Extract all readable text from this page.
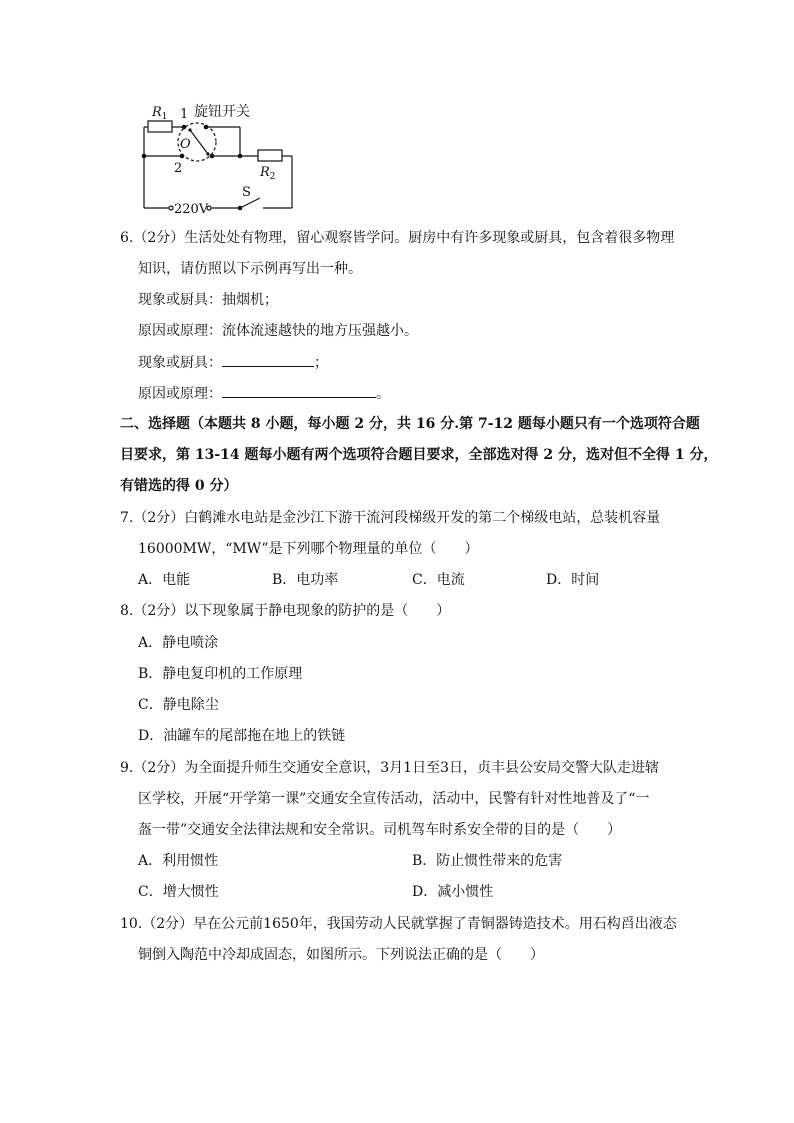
$R_1$ 1 旋钮开关
O
2	$R_2$
220V
S
6.（2分）生活处处有物理，留心观察皆学问。厨房中有许多现象或厨具，包含着很多物理
知识，请仿照以下示例再写出一种。
现象或厨具：抽烟机；
原因或原理：流体流速越快的地方压强越小。
现象或厨具：	；
原因或原理：	。
二、选择题（本题共 8 小题，每小题 2 分，共 16 分.第 7-12 题每小题只有一个选项符合题
目要求，第 13-14 题每小题有两个选项符合题目要求，全部选对得 2 分，选对但不全得 1 分，
有错选的得 0 分）
7.（2分）白鹤滩水电站是金沙江下游干流河段梯级开发的第二个梯级电站，总装机容量
16000MW，“MW”是下列哪个物理量的单位（　　）
A．电能	B．电功率	C．电流	D．时间
8.（2分）以下现象属于静电现象的防护的是（　　）
A．静电喷涂
B．静电复印机的工作原理
C．静电除尘
D．油罐车的尾部拖在地上的铁链
9.（2分）为全面提升师生交通安全意识，3月1日至3日，贞丰县公安局交警大队走进辖
区学校，开展“开学第一课”交通安全宣传活动，活动中，民警有针对性地普及了“一
盔一带”交通安全法律法规和安全常识。司机驾车时系安全带的目的是（　　）
A．利用惯性	B．防止惯性带来的危害
C．增大惯性	D．减小惯性
10.（2分）早在公元前1650年，我国劳动人民就掌握了青铜器铸造技术。用石构舀出液态
铜倒入陶范中冷却成固态，如图所示。下列说法正确的是（　　）
